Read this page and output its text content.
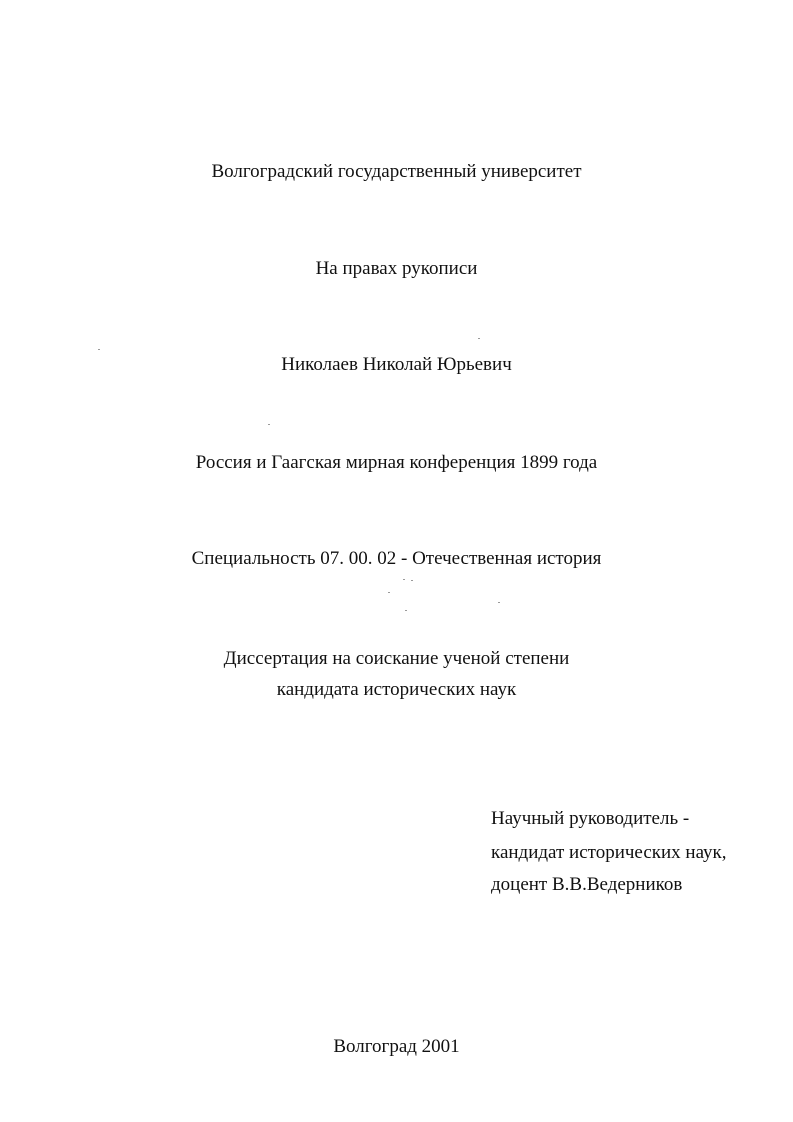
Волгоградский государственный университет
На правах рукописи
Николаев Николай Юрьевич
Россия и Гаагская мирная конференция 1899 года
Специальность 07. 00. 02 - Отечественная история
Диссертация на соискание ученой степени
кандидата исторических наук
Научный руководитель -
кандидат исторических наук,
доцент В.В.Ведерников
Волгоград 2001
